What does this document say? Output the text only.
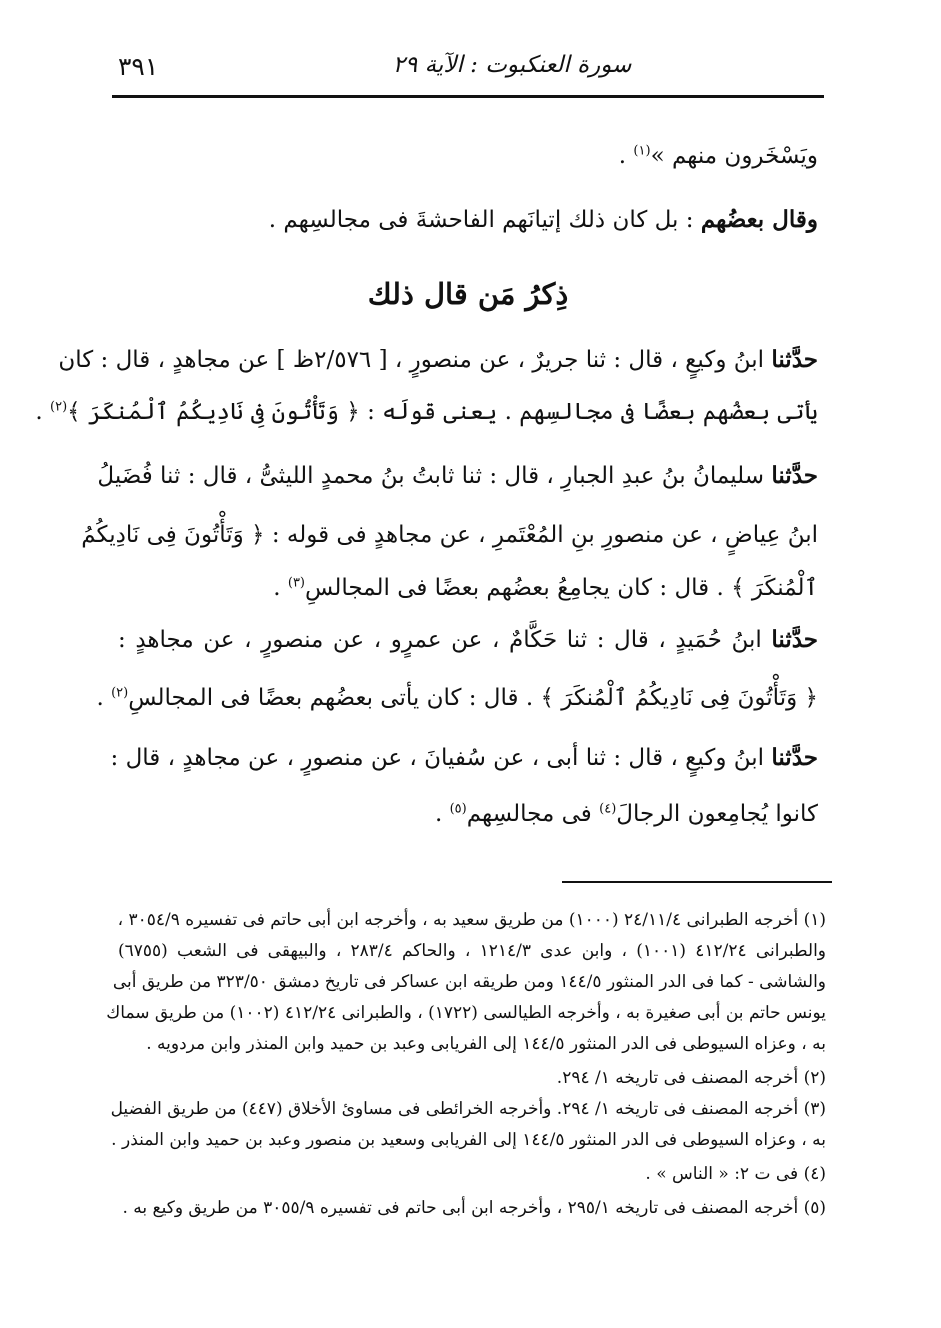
٣٩١	سورة العنكبوت : الآية ٢٩
ويَسْخَرون منهم »$^{(١)}$ .
وقال بعضُهم : بل كان ذلك إتيانَهم الفاحشةَ فى مجالسِهم .
ذِكرُ مَن قال ذلك
حدَّثنا ابنُ وكيعٍ ، قال : ثنا جريرٌ ، عن منصورٍ ، [ ٢/٥٧٦ظ ] عن مجاهدٍ ، قال : كان
يأتى بعضُهم بعضًا فى مجالسِهم . يعنى قولَه : ﴿ وَتَأْتُونَ فِى نَادِيكُمُ ٱلْمُنكَرَ ﴾$^{(٢)}$ .
حدَّثنا سليمانُ بنُ عبدِ الجبارِ ، قال : ثنا ثابتُ بنُ محمدٍ الليثىُّ ، قال : ثنا فُضَيلُ
ابنُ عِياضٍ ، عن منصورِ بنِ المُعْتَمرِ ، عن مجاهدٍ فى قوله : ﴿ وَتَأْتُونَ فِى نَادِيكُمُ
ٱلْمُنكَرَ ﴾ . قال : كان يجامِعُ بعضُهم بعضًا فى المجالسِ$^{(٣)}$ .
حدَّثنا ابنُ حُمَيدٍ ، قال : ثنا حَكَّامٌ ، عن عمرٍو ، عن منصورٍ ، عن مجاهدٍ :
﴿ وَتَأْتُونَ فِى نَادِيكُمُ ٱلْمُنكَرَ ﴾ . قال : كان يأتى بعضُهم بعضًا فى المجالسِ$^{(٢)}$ .
حدَّثنا ابنُ وكيعٍ ، قال : ثنا أبى ، عن سُفيانَ ، عن منصورٍ ، عن مجاهدٍ ، قال :
كانوا يُجامِعون الرجالَ$^{(٤)}$ فى مجالسِهم$^{(٥)}$ .
(١) أخرجه الطبرانى ٢٤/١١/٤ (١٠٠٠) من طريق سعيد به ، وأخرجه ابن أبى حاتم فى تفسيره ٣٠٥٤/٩ ،
والطبرانى ٤١٢/٢٤ (١٠٠١) ، وابن عدى ١٢١٤/٣ ، والحاكم ٢٨٣/٤ ، والبيهقى فى الشعب (٦٧٥٥)
والشاشى - كما فى الدر المنثور ١٤٤/٥ ومن طريقه ابن عساكر فى تاريخ دمشق ٣٢٣/٥٠ من طريق أبى
يونس حاتم بن أبى صغيرة به ، وأخرجه الطيالسى (١٧٢٢) ، والطبرانى ٤١٢/٢٤ (١٠٠٢) من طريق سماك
به ، وعزاه السيوطى فى الدر المنثور ١٤٤/٥ إلى الفريابى وعبد بن حميد وابن المنذر وابن مردويه .
(٢) أخرجه المصنف فى تاريخه ١/ ٢٩٤.
(٣) أخرجه المصنف فى تاريخه ١/ ٢٩٤. وأخرجه الخرائطى فى مساوئ الأخلاق (٤٤٧) من طريق الفضيل
به ، وعزاه السيوطى فى الدر المنثور ١٤٤/٥ إلى الفريابى وسعيد بن منصور وعبد بن حميد وابن المنذر .
(٤) فى ت ٢: « الناس » .
(٥) أخرجه المصنف فى تاريخه ٢٩٥/١ ، وأخرجه ابن أبى حاتم فى تفسيره ٣٠٥٥/٩ من طريق وكيع به .
